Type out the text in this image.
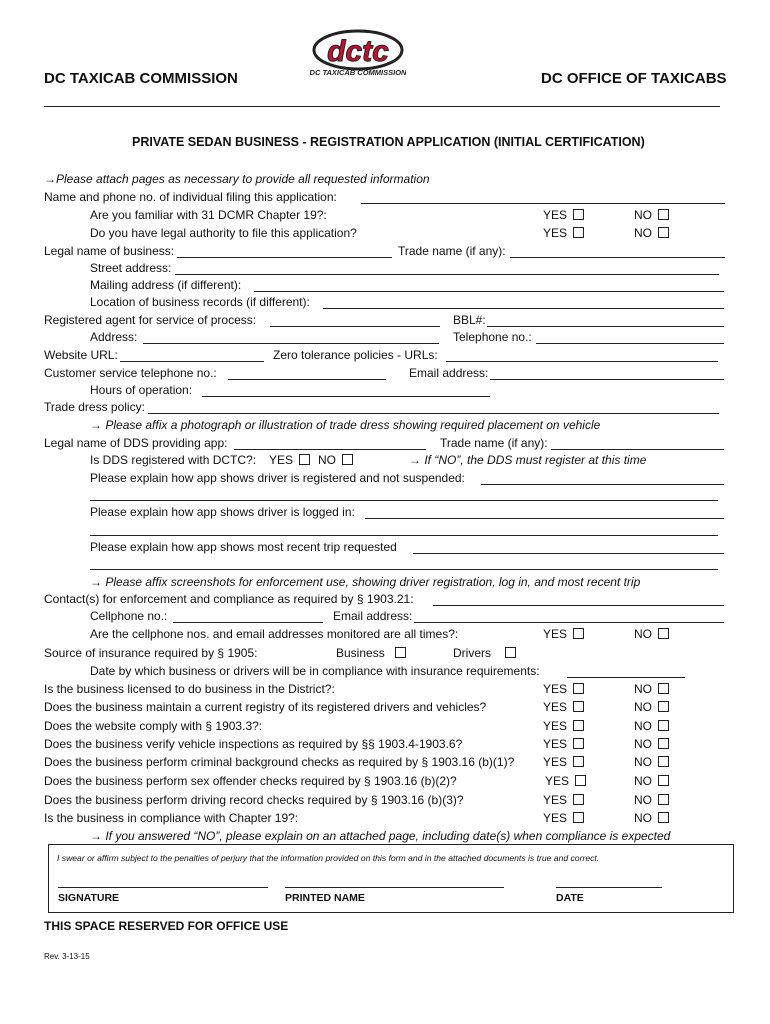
DC TAXICAB COMMISSION	DC OFFICE OF TAXICABS
dctc
DC TAXICAB COMMISSION
PRIVATE SEDAN BUSINESS - REGISTRATION APPLICATION (INITIAL CERTIFICATION)
→Please attach pages as necessary to provide all requested information
Name and phone no. of individual filing this application:
Are you familiar with 31 DCMR Chapter 19?:	YES	NO
Do you have legal authority to file this application?	YES	NO
Legal name of business:	Trade name (if any):
Street address:
Mailing address (if different):
Location of business records (if different):
Registered agent for service of process:	BBL#:
Address:	Telephone no.:
Website URL:	Zero tolerance policies - URLs:
Customer service telephone no.:	Email address:
Hours of operation:
Trade dress policy:
→ Please affix a photograph or illustration of trade dress showing required placement on vehicle
Legal name of DDS providing app:	Trade name (if any):
Is DDS registered with DCTC?: YES	NO	→ If “NO”, the DDS must register at this time
Please explain how app shows driver is registered and not suspended:
Please explain how app shows driver is logged in:
Please explain how app shows most recent trip requested
→ Please affix screenshots for enforcement use, showing driver registration, log in, and most recent trip
Contact(s) for enforcement and compliance as required by § 1903.21:
Cellphone no.:	Email address:
Are the cellphone nos. and email addresses monitored are all times?:	YES	NO
Source of insurance required by § 1905:	Business	Drivers
Date by which business or drivers will be in compliance with insurance requirements:
Is the business licensed to do business in the District?:	YES	NO
Does the business maintain a current registry of its registered drivers and vehicles?	YES	NO
Does the website comply with § 1903.3?:	YES	NO
Does the business verify vehicle inspections as required by §§ 1903.4-1903.6?	YES	NO
Does the business perform criminal background checks as required by § 1903.16 (b)(1)? YES	NO
Does the business perform sex offender checks required by § 1903.16 (b)(2)?	YES	NO
Does the business perform driving record checks required by § 1903.16 (b)(3)?	YES	NO
Is the business in compliance with Chapter 19?:	YES	NO
→ If you answered “NO”, please explain on an attached page, including date(s) when compliance is expected
I swear or affirm subject to the penalties of perjury that the information provided on this form and in the attached documents is true and correct.
SIGNATURE	PRINTED NAME	DATE
THIS SPACE RESERVED FOR OFFICE USE
Rev. 3-13-15
